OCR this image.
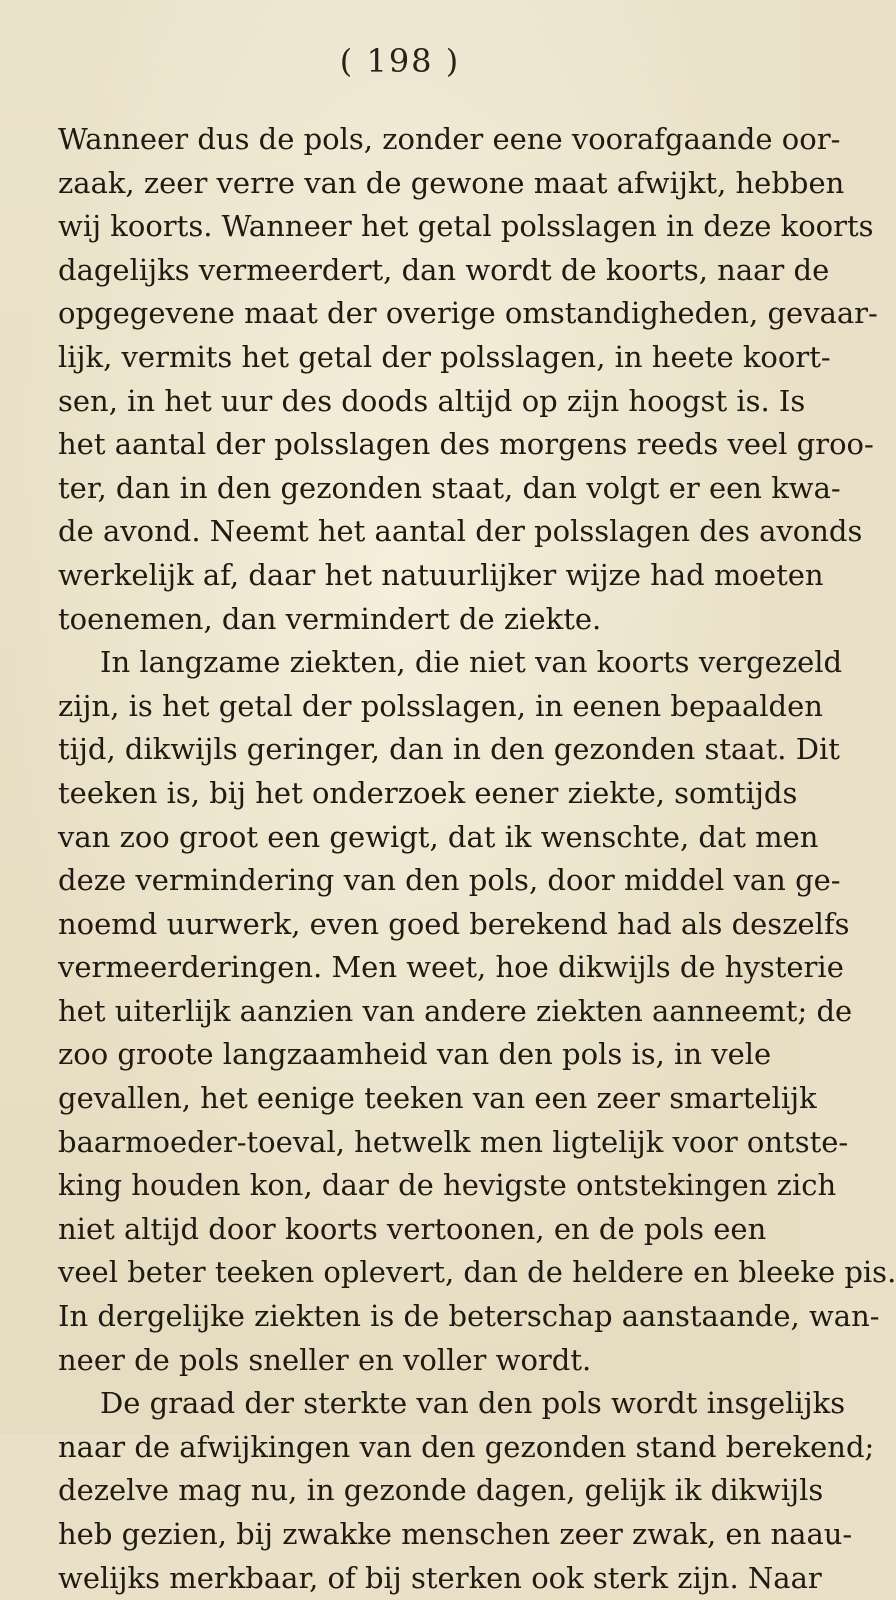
( 198 )
Wanneer dus de pols, zonder eene voorafgaande oor-
zaak, zeer verre van de gewone maat afwijkt, hebben
wij koorts. Wanneer het getal polsslagen in deze koorts
dagelijks vermeerdert, dan wordt de koorts, naar de
opgegevene maat der overige omstandigheden, gevaar-
lijk, vermits het getal der polsslagen, in heete koort-
sen, in het uur des doods altijd op zijn hoogst is. Is
het aantal der polsslagen des morgens reeds veel groo-
ter, dan in den gezonden staat, dan volgt er een kwa-
de avond. Neemt het aantal der polsslagen des avonds
werkelijk af, daar het natuurlijker wijze had moeten
toenemen, dan vermindert de ziekte.
In langzame ziekten, die niet van koorts vergezeld
zijn, is het getal der polsslagen, in eenen bepaalden
tijd, dikwijls geringer, dan in den gezonden staat. Dit
teeken is, bij het onderzoek eener ziekte, somtijds
van zoo groot een gewigt, dat ik wenschte, dat men
deze vermindering van den pols, door middel van ge-
noemd uurwerk, even goed berekend had als deszelfs
vermeerderingen. Men weet, hoe dikwijls de hysterie
het uiterlijk aanzien van andere ziekten aanneemt; de
zoo groote langzaamheid van den pols is, in vele
gevallen, het eenige teeken van een zeer smartelijk
baarmoeder-toeval, hetwelk men ligtelijk voor ontste-
king houden kon, daar de hevigste ontstekingen zich
niet altijd door koorts vertoonen, en de pols een
veel beter teeken oplevert, dan de heldere en bleeke pis.
In dergelijke ziekten is de beterschap aanstaande, wan-
neer de pols sneller en voller wordt.
De graad der sterkte van den pols wordt insgelijks
naar de afwijkingen van den gezonden stand berekend;
dezelve mag nu, in gezonde dagen, gelijk ik dikwijls
heb gezien, bij zwakke menschen zeer zwak, en naau-
welijks merkbaar, of bij sterken ook sterk zijn. Naar
